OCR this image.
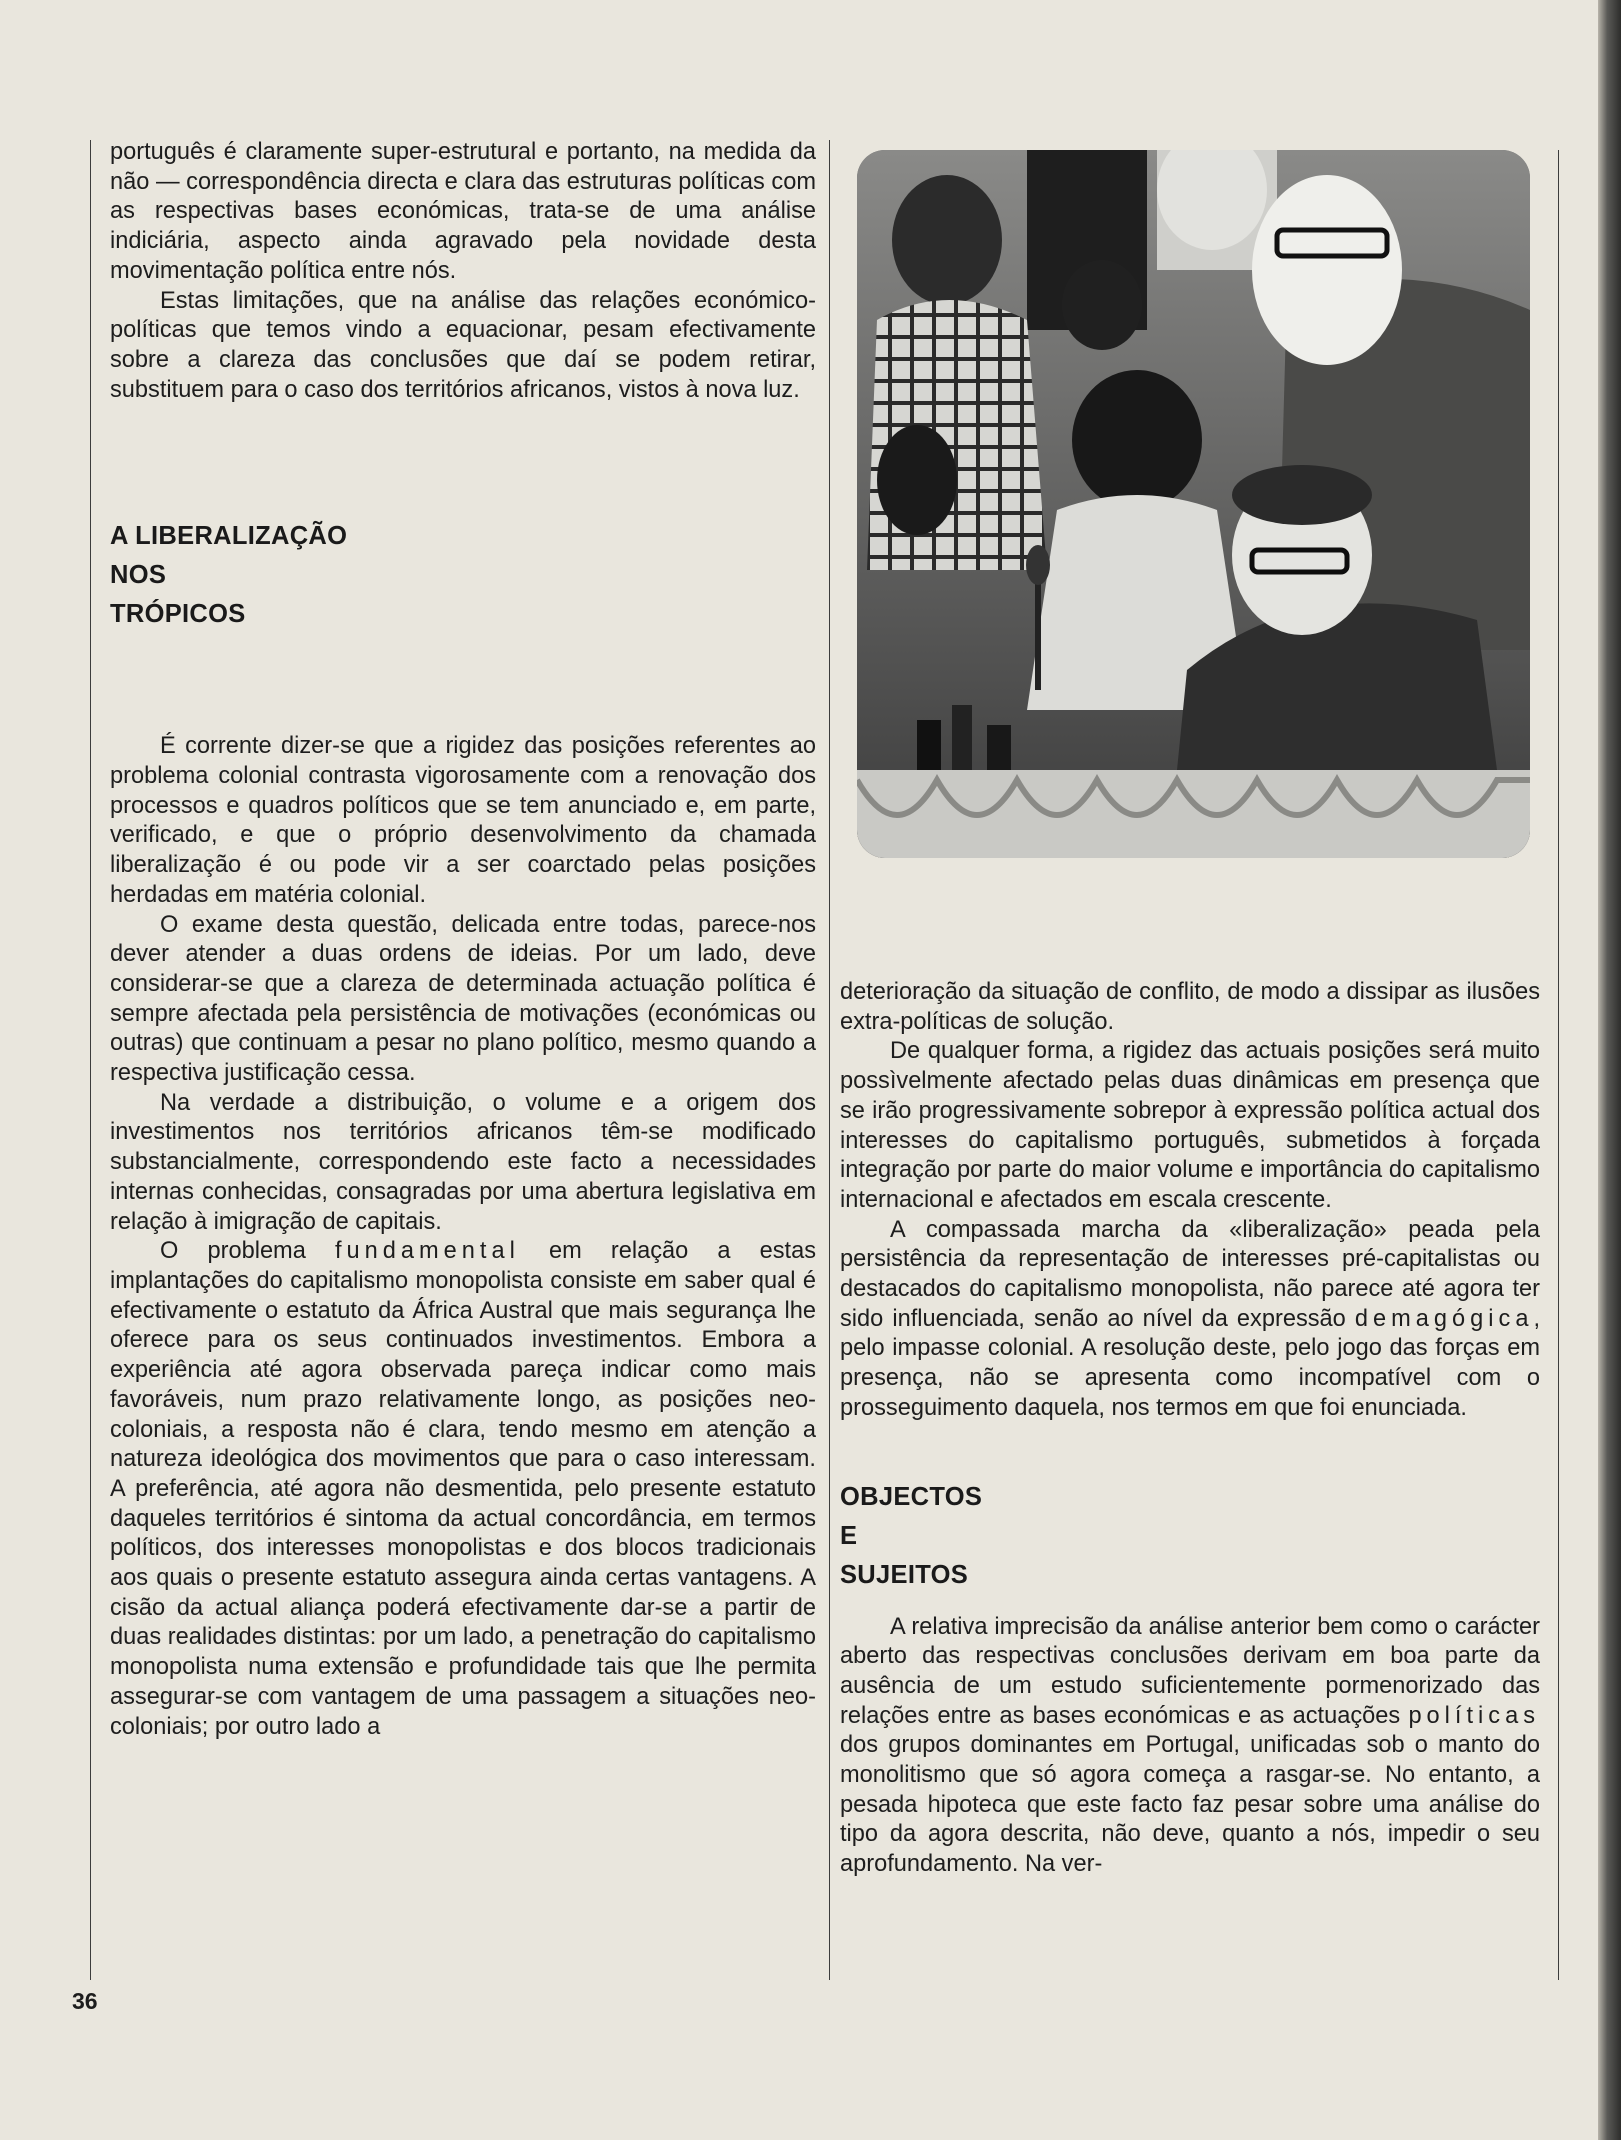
português é claramente super-estrutural e portanto, na medida da não — correspondência directa e clara das estruturas políticas com as respectivas bases económicas, trata-se de uma análise indiciária, aspecto ainda agravado pela novidade desta movimentação política entre nós.

Estas limitações, que na análise das relações económico-políticas que temos vindo a equacionar, pesam efectivamente sobre a clareza das conclusões que daí se podem retirar, substituem para o caso dos territórios africanos, vistos à nova luz.

A LIBERALIZAÇÃO
NOS
TRÓPICOS

É corrente dizer-se que a rigidez das posições referentes ao problema colonial contrasta vigorosamente com a renovação dos processos e quadros políticos que se tem anunciado e, em parte, verificado, e que o próprio desenvolvimento da chamada liberalização é ou pode vir a ser coarctado pelas posições herdadas em matéria colonial.

O exame desta questão, delicada entre todas, parece-nos dever atender a duas ordens de ideias. Por um lado, deve considerar-se que a clareza de determinada actuação política é sempre afectada pela persistência de motivações (económicas ou outras) que continuam a pesar no plano político, mesmo quando a respectiva justificação cessa.

Na verdade a distribuição, o volume e a origem dos investimentos nos territórios africanos têm-se modificado substancialmente, correspondendo este facto a necessidades internas conhecidas, consagradas por uma abertura legislativa em relação à imigração de capitais.

O problema fundamental em relação a estas implantações do capitalismo monopolista consiste em saber qual é efectivamente o estatuto da África Austral que mais segurança lhe oferece para os seus continuados investimentos. Embora a experiência até agora observada pareça indicar como mais favoráveis, num prazo relativamente longo, as posições neo-coloniais, a resposta não é clara, tendo mesmo em atenção a natureza ideológica dos movimentos que para o caso interessam. A preferência, até agora não desmentida, pelo presente estatuto daqueles territórios é sintoma da actual concordância, em termos políticos, dos interesses monopolistas e dos blocos tradicionais aos quais o presente estatuto assegura ainda certas vantagens. A cisão da actual aliança poderá efectivamente dar-se a partir de duas realidades distintas: por um lado, a penetração do capitalismo monopolista numa extensão e profundidade tais que lhe permita assegurar-se com vantagem de uma passagem a situações neo-coloniais; por outro lado a

deterioração da situação de conflito, de modo a dissipar as ilusões extra-políticas de solução.

De qualquer forma, a rigidez das actuais posições será muito possìvelmente afectado pelas duas dinâmicas em presença que se irão progressivamente sobrepor à expressão política actual dos interesses do capitalismo português, submetidos à forçada integração por parte do maior volume e importância do capitalismo internacional e afectados em escala crescente.

A compassada marcha da «liberalização» peada pela persistência da representação de interesses pré-capitalistas ou destacados do capitalismo monopolista, não parece até agora ter sido influenciada, senão ao nível da expressão demagógica, pelo impasse colonial. A resolução deste, pelo jogo das forças em presença, não se apresenta como incompatível com o prosseguimento daquela, nos termos em que foi enunciada.

OBJECTOS
E
SUJEITOS

A relativa imprecisão da análise anterior bem como o carácter aberto das respectivas conclusões derivam em boa parte da ausência de um estudo suficientemente pormenorizado das relações entre as bases económicas e as actuações políticas dos grupos dominantes em Portugal, unificadas sob o manto do monolitismo que só agora começa a rasgar-se. No entanto, a pesada hipoteca que este facto faz pesar sobre uma análise do tipo da agora descrita, não deve, quanto a nós, impedir o seu aprofundamento. Na ver-

36
